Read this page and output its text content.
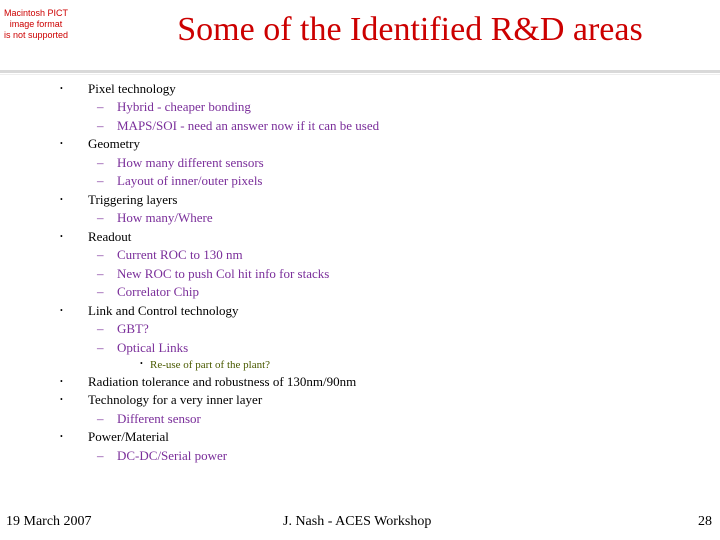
Macintosh PICT
image format
is not supported	Some of the Identified R&D areas
• Pixel technology
– Hybrid - cheaper bonding
– MAPS/SOI - need an answer now if it can be used
• Geometry
– How many different sensors
– Layout of inner/outer pixels
• Triggering layers
– How many/Where
• Readout
– Current ROC to 130 nm
– New ROC to push Col hit info for stacks
– Correlator Chip
• Link and Control technology
– GBT?
– Optical Links
• Re-use of part of the plant?
• Radiation tolerance and robustness of 130nm/90nm
• Technology for a very inner layer
– Different sensor
• Power/Material
– DC-DC/Serial power
19 March 2007	J. Nash - ACES Workshop	28
